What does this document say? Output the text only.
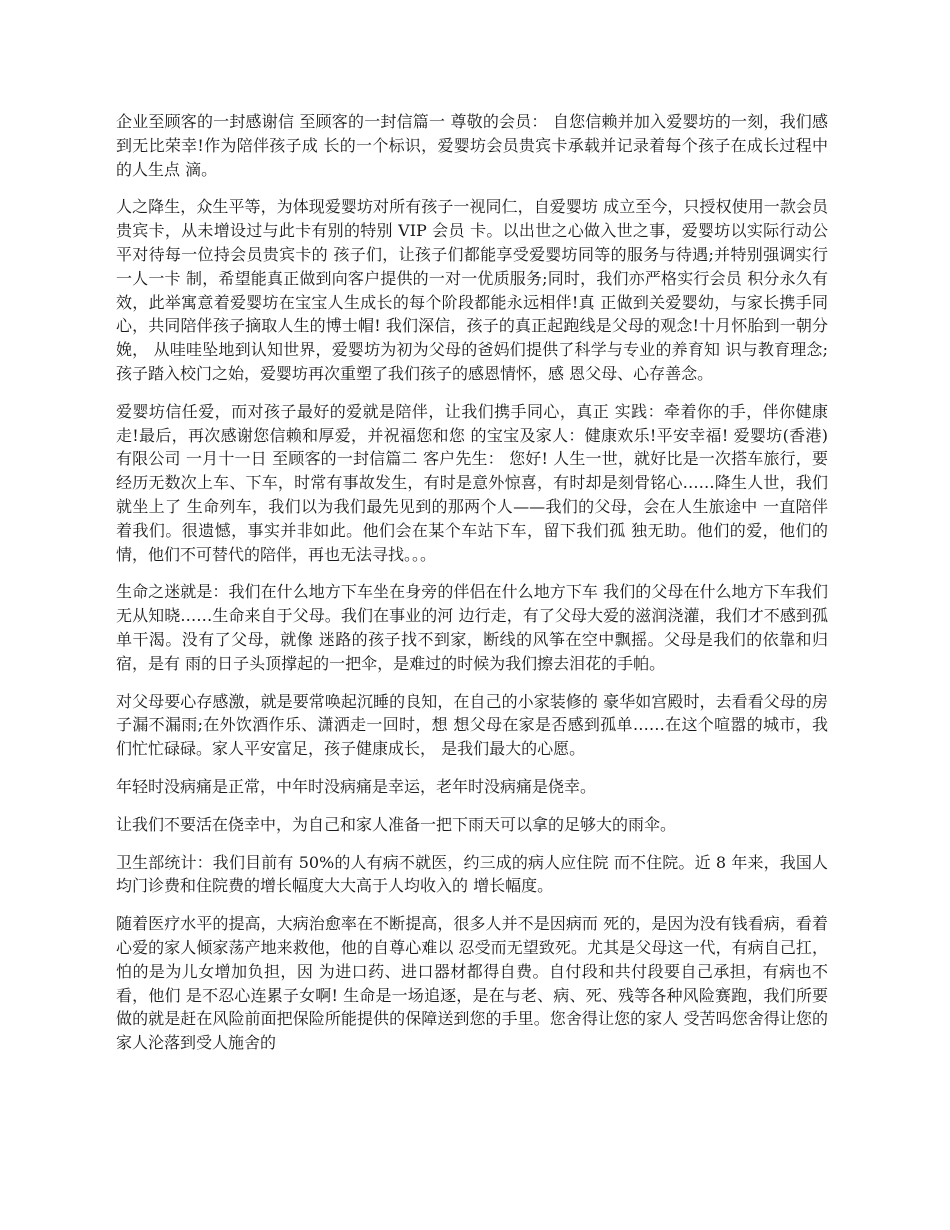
企业至顾客的一封感谢信 至顾客的一封信篇一 尊敬的会员： 自您信赖并加入爱婴坊的一刻，我们感到无比荣幸!作为陪伴孩子成 长的一个标识，爱婴坊会员贵宾卡承载并记录着每个孩子在成长过程中的人生点 滴。

人之降生，众生平等，为体现爱婴坊对所有孩子一视同仁，自爱婴坊 成立至今，只授权使用一款会员贵宾卡，从未增设过与此卡有别的特别 VIP 会员 卡。以出世之心做入世之事，爱婴坊以实际行动公平对待每一位持会员贵宾卡的 孩子们，让孩子们都能享受爱婴坊同等的服务与待遇;并特别强调实行一人一卡 制，希望能真正做到向客户提供的一对一优质服务;同时，我们亦严格实行会员 积分永久有效，此举寓意着爱婴坊在宝宝人生成长的每个阶段都能永远相伴!真 正做到关爱婴幼，与家长携手同心，共同陪伴孩子摘取人生的博士帽! 我们深信，孩子的真正起跑线是父母的观念!十月怀胎到一朝分娩， 从哇哇坠地到认知世界，爱婴坊为初为父母的爸妈们提供了科学与专业的养育知 识与教育理念;孩子踏入校门之始，爱婴坊再次重塑了我们孩子的感恩情怀，感 恩父母、心存善念。

爱婴坊信任爱，而对孩子最好的爱就是陪伴，让我们携手同心，真正 实践：牵着你的手，伴你健康走!最后，再次感谢您信赖和厚爱，并祝福您和您 的宝宝及家人：健康欢乐!平安幸福! 爱婴坊(香港)有限公司 一月十一日 至顾客的一封信篇二 客户先生： 您好! 人生一世，就好比是一次搭车旅行，要经历无数次上车、下车，时常有事故发生，有时是意外惊喜，有时却是刻骨铭心……降生人世，我们就坐上了 生命列车，我们以为我们最先见到的那两个人——我们的父母，会在人生旅途中 一直陪伴着我们。很遗憾，事实并非如此。他们会在某个车站下车，留下我们孤 独无助。他们的爱，他们的情，他们不可替代的陪伴，再也无法寻找。。。

生命之迷就是：我们在什么地方下车坐在身旁的伴侣在什么地方下车 我们的父母在什么地方下车我们无从知晓……生命来自于父母。我们在事业的河 边行走，有了父母大爱的滋润浇灌，我们才不感到孤单干渴。没有了父母，就像 迷路的孩子找不到家，断线的风筝在空中飘摇。父母是我们的依靠和归宿，是有 雨的日子头顶撑起的一把伞，是难过的时候为我们擦去泪花的手帕。

对父母要心存感激，就是要常唤起沉睡的良知，在自己的小家装修的 豪华如宫殿时，去看看父母的房子漏不漏雨;在外饮酒作乐、潇洒走一回时，想 想父母在家是否感到孤单……在这个喧嚣的城市，我们忙忙碌碌。家人平安富足，孩子健康成长， 是我们最大的心愿。

年轻时没病痛是正常，中年时没病痛是幸运，老年时没病痛是侥幸。

让我们不要活在侥幸中，为自己和家人准备一把下雨天可以拿的足够大的雨伞。

卫生部统计：我们目前有 50%的人有病不就医，约三成的病人应住院 而不住院。近 8 年来，我国人均门诊费和住院费的增长幅度大大高于人均收入的 增长幅度。

随着医疗水平的提高，大病治愈率在不断提高，很多人并不是因病而 死的，是因为没有钱看病，看着心爱的家人倾家荡产地来救他，他的自尊心难以 忍受而无望致死。尤其是父母这一代，有病自己扛，怕的是为儿女增加负担，因 为进口药、进口器材都得自费。自付段和共付段要自己承担，有病也不看，他们 是不忍心连累子女啊! 生命是一场追逐，是在与老、病、死、残等各种风险赛跑，我们所要 做的就是赶在风险前面把保险所能提供的保障送到您的手里。您舍得让您的家人 受苦吗您舍得让您的家人沦落到受人施舍的
